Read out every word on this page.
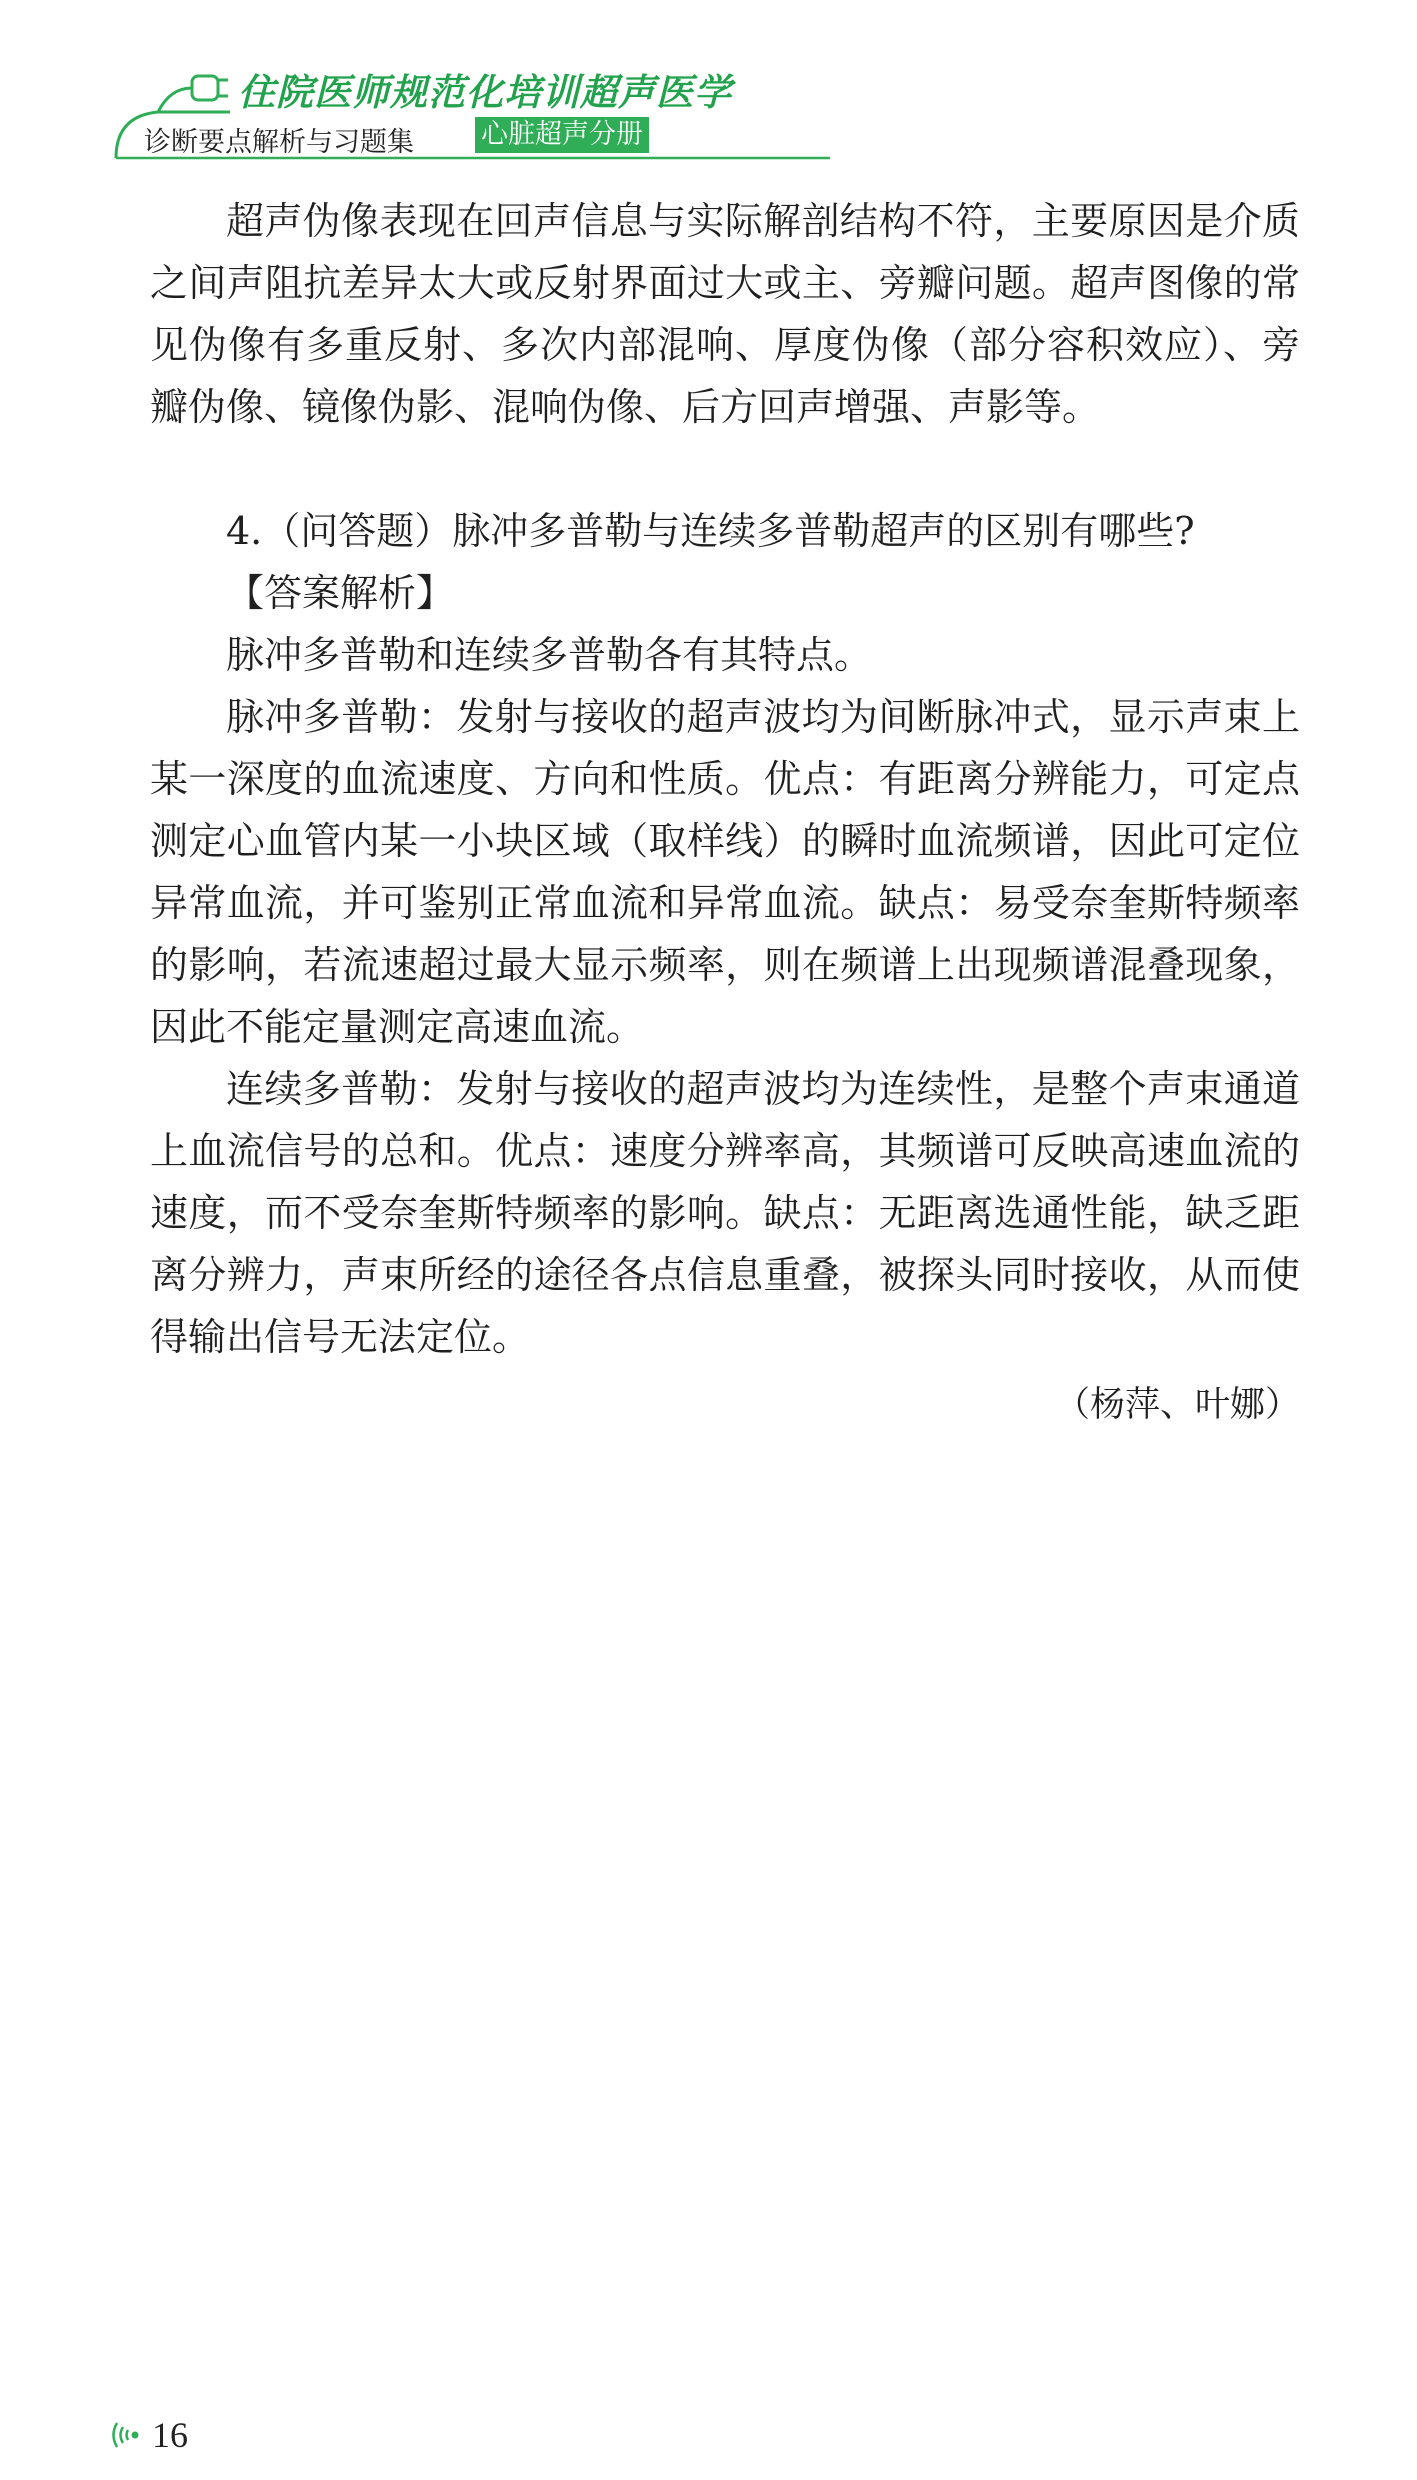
住院医师规范化培训超声医学
诊断要点解析与习题集 心脏超声分册

超声伪像表现在回声信息与实际解剖结构不符，主要原因是介质之间声阻抗差异太大或反射界面过大或主、旁瓣问题。超声图像的常见伪像有多重反射、多次内部混响、厚度伪像（部分容积效应）、旁瓣伪像、镜像伪影、混响伪像、后方回声增强、声影等。

4.（问答题）脉冲多普勒与连续多普勒超声的区别有哪些?

【答案解析】

脉冲多普勒和连续多普勒各有其特点。

脉冲多普勒：发射与接收的超声波均为间断脉冲式，显示声束上某一深度的血流速度、方向和性质。优点：有距离分辨能力，可定点测定心血管内某一小块区域（取样线）的瞬时血流频谱，因此可定位异常血流，并可鉴别正常血流和异常血流。缺点：易受奈奎斯特频率的影响，若流速超过最大显示频率，则在频谱上出现频谱混叠现象，因此不能定量测定高速血流。

连续多普勒：发射与接收的超声波均为连续性，是整个声束通道上血流信号的总和。优点：速度分辨率高，其频谱可反映高速血流的速度，而不受奈奎斯特频率的影响。缺点：无距离选通性能，缺乏距离分辨力，声束所经的途径各点信息重叠，被探头同时接收，从而使得输出信号无法定位。

（杨萍、叶娜）

16
